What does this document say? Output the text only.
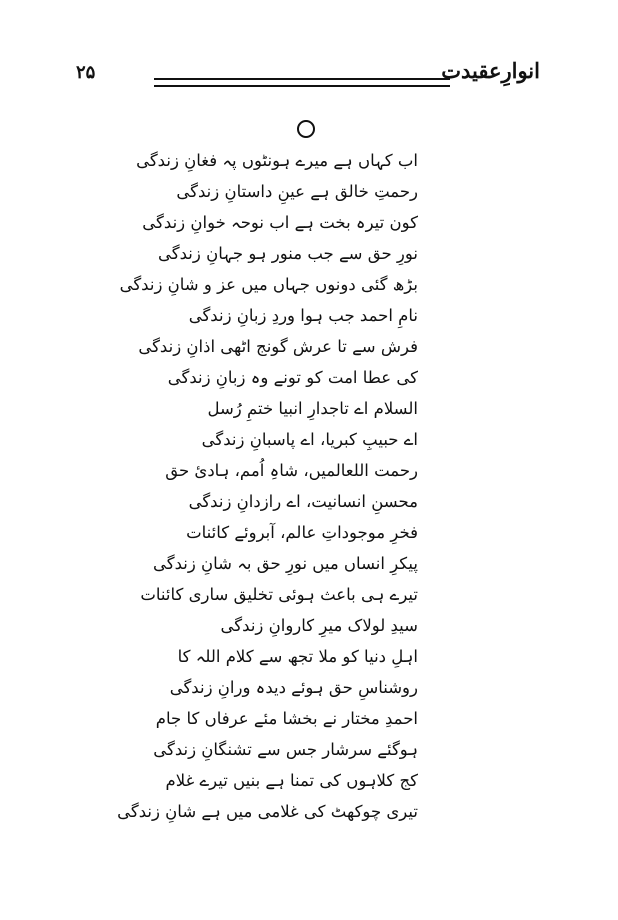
۲۵	انوارِعقیدت
اب کہاں ہے میرے ہونٹوں پہ فغانِ زندگی
رحمتِ خالق ہے عینِ داستانِ زندگی
کون تیرہ بخت ہے اب نوحہ خوانِ زندگی
نورِ حق سے جب منور ہو جہانِ زندگی
بڑھ گئی دونوں جہاں میں عز و شانِ زندگی
نامِ احمد جب ہوا وردِ زبانِ زندگی
فرش سے تا عرش گونج اٹھی اذانِ زندگی
کی عطا امت کو تونے وہ زبانِ زندگی
السلام اے تاجدارِ انبیا ختمِ رُسل
اے حبیبِ کبریا، اے پاسبانِ زندگی
رحمت اللعالمیں، شاہِ اُمم، ہادیٔ حق
محسنِ انسانیت، اے رازدانِ زندگی
فخرِ موجوداتِ عالم، آبروئے کائنات
پیکرِ انساں میں نورِ حق بہ شانِ زندگی
تیرے ہی باعث ہوئی تخلیق ساری کائنات
سیدِ لولاک میرِ کاروانِ زندگی
اہلِ دنیا کو ملا تجھ سے کلام اللہ کا
روشناسِ حق ہوئے دیدہ ورانِ زندگی
احمدِ مختار نے بخشا مئے عرفاں کا جام
ہوگئے سرشار جس سے تشنگانِ زندگی
کج کلاہوں کی تمنا ہے بنیں تیرے غلام
تیری چوکھٹ کی غلامی میں ہے شانِ زندگی
